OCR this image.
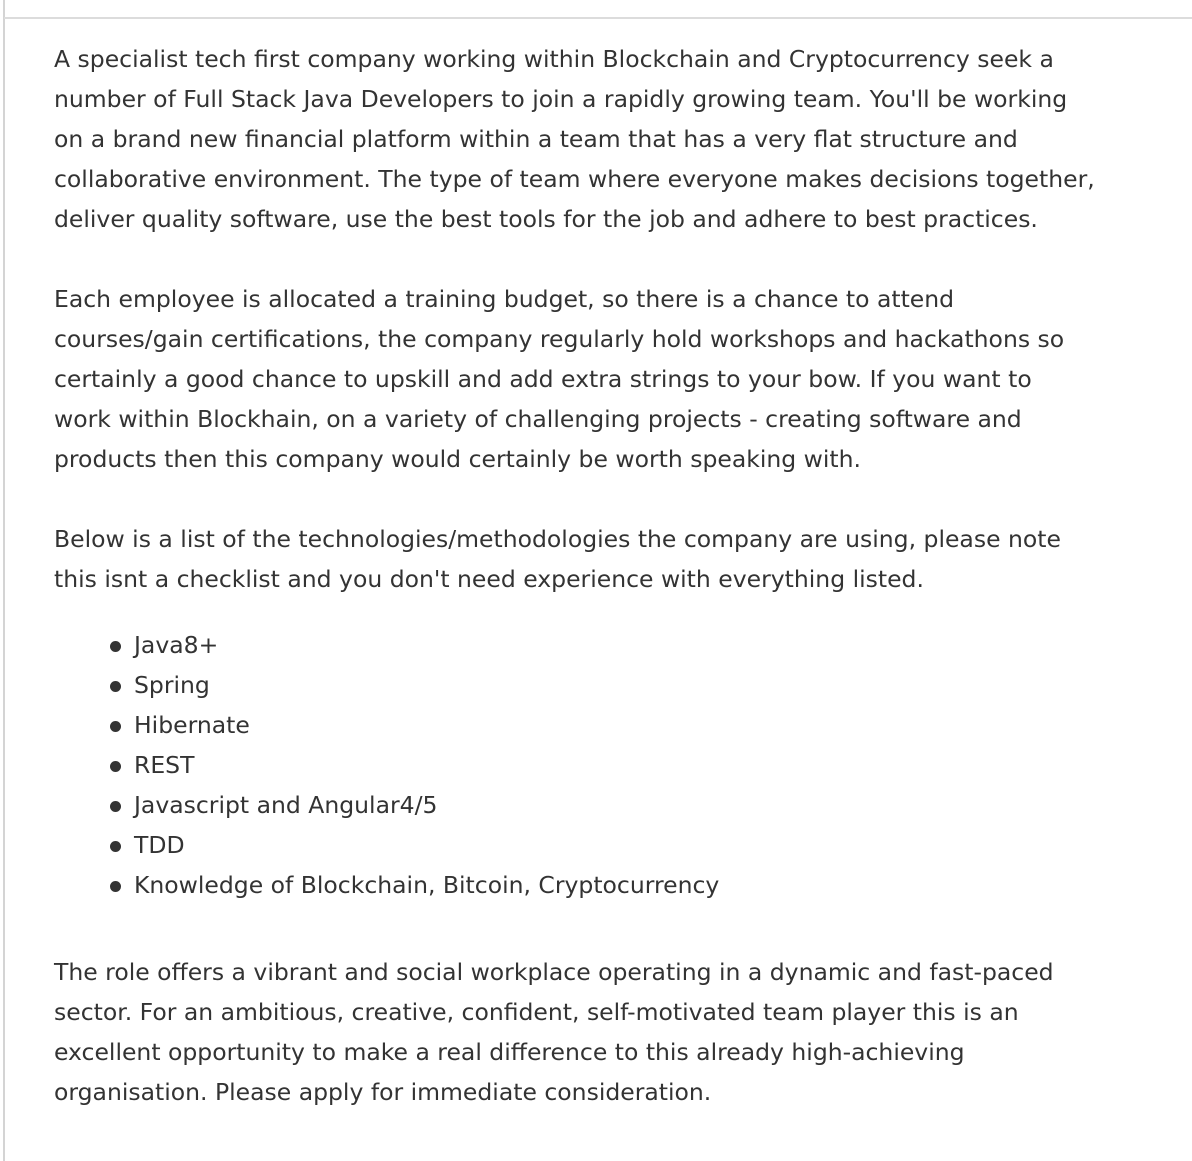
A specialist tech first company working within Blockchain and Cryptocurrency seek a
number of Full Stack Java Developers to join a rapidly growing team. You'll be working
on a brand new financial platform within a team that has a very flat structure and
collaborative environment. The type of team where everyone makes decisions together,
deliver quality software, use the best tools for the job and adhere to best practices.
Each employee is allocated a training budget, so there is a chance to attend
courses/gain certifications, the company regularly hold workshops and hackathons so
certainly a good chance to upskill and add extra strings to your bow. If you want to
work within Blockhain, on a variety of challenging projects - creating software and
products then this company would certainly be worth speaking with.
Below is a list of the technologies/methodologies the company are using, please note
this isnt a checklist and you don't need experience with everything listed.
Java8+
Spring
Hibernate
REST
Javascript and Angular4/5
TDD
Knowledge of Blockchain, Bitcoin, Cryptocurrency
The role offers a vibrant and social workplace operating in a dynamic and fast-paced
sector. For an ambitious, creative, confident, self-motivated team player this is an
excellent opportunity to make a real difference to this already high-achieving
organisation. Please apply for immediate consideration.
